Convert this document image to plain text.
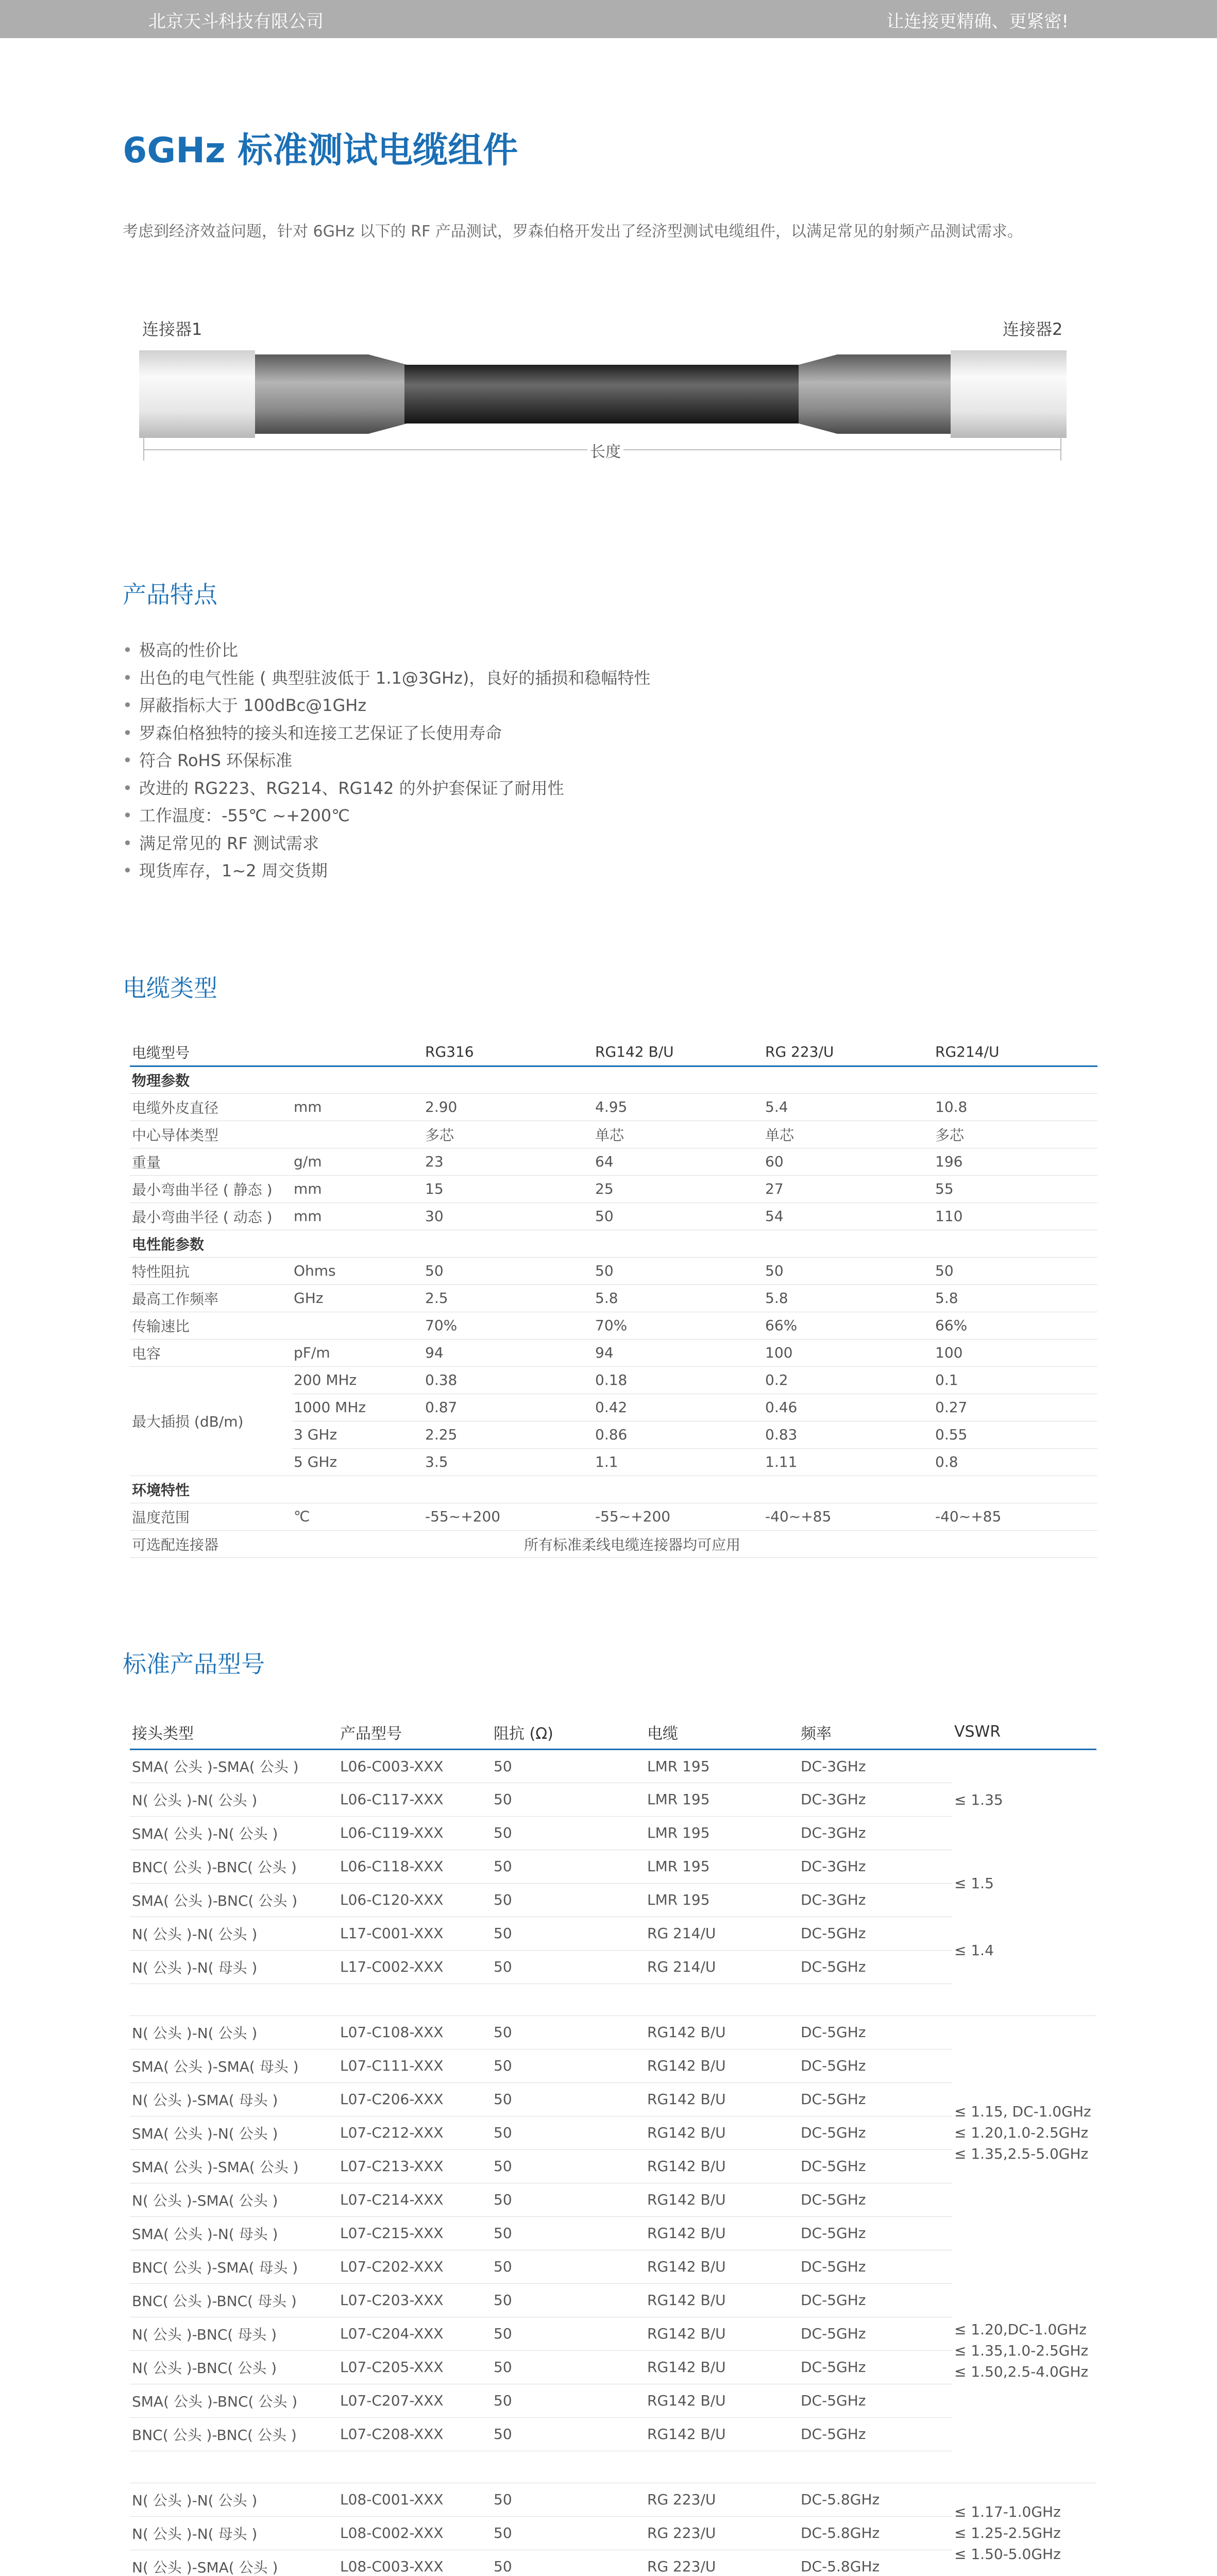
北京天斗科技有限公司	让连接更精确、更紧密!
6GHz 标准测试电缆组件

考虑到经济效益问题，针对 6GHz 以下的 RF 产品测试，罗森伯格开发出了经济型测试电缆组件，以满足常见的射频产品测试需求。

连接器1	连接器2
长度
产品特点
• 极高的性价比
• 出色的电气性能 ( 典型驻波低于 1.1@3GHz)，良好的插损和稳幅特性
• 屏蔽指标大于 100dBc@1GHz
• 罗森伯格独特的接头和连接工艺保证了长使用寿命
• 符合 RoHS 环保标准
• 改进的 RG223、RG214、RG142 的外护套保证了耐用性
• 工作温度：-55℃ ~+200℃
• 满足常见的 RF 测试需求
• 现货库存，1~2 周交货期
电缆类型
电缆型号		RG316	RG142 B/U	RG 223/U	RG214/U
物理参数					
电缆外皮直径	mm	2.90	4.95	5.4	10.8
中心导体类型		多芯	单芯	单芯	多芯
重量	g/m	23	64	60	196
最小弯曲半径 ( 静态 )	mm	15	25	27	55
最小弯曲半径 ( 动态 )	mm	30	50	54	110
电性能参数					
特性阻抗	Ohms	50	50	50	50
最高工作频率	GHz	2.5	5.8	5.8	5.8
传输速比		70%	70%	66%	66%
电容	pF/m	94	94	100	100
最大插损 (dB/m)	200 MHz	0.38	0.18	0.2	0.1
	1000 MHz	0.87	0.42	0.46	0.27
	3 GHz	2.25	0.86	0.83	0.55
	5 GHz	3.5	1.1	1.11	0.8
环境特性					
温度范围	℃	-55~+200	-55~+200	-40~+85	-40~+85
可选配连接器		所有标准柔线电缆连接器均可应用			
标准产品型号
接头类型	产品型号	阻抗 (Ω)	电缆	频率	VSWR
SMA( 公头 )-SMA( 公头 )	L06-C003-XXX	50	LMR 195	DC-3GHz	≤ 1.35

N( 公头 )-N( 公头 )	L06-C117-XXX	50	LMR 195	DC-3GHz	
SMA( 公头 )-N( 公头 )	L06-C119-XXX	50	LMR 195	DC-3GHz	
BNC( 公头 )-BNC( 公头 )	L06-C118-XXX	50	LMR 195	DC-3GHz	≤ 1.5

SMA( 公头 )-BNC( 公头 )	L06-C120-XXX	50	LMR 195	DC-3GHz	
N( 公头 )-N( 公头 )	L17-C001-XXX	50	RG 214/U	DC-5GHz	≤ 1.4

N( 公头 )-N( 母头 )	L17-C002-XXX	50	RG 214/U	DC-5GHz	

N( 公头 )-N( 公头 )	L07-C108-XXX	50	RG142 B/U	DC-5GHz	≤ 1.15, DC-1.0GHz
≤ 1.20,1.0-2.5GHz
≤ 1.35,2.5-5.0GHz

SMA( 公头 )-SMA( 母头 )	L07-C111-XXX	50	RG142 B/U	DC-5GHz	
N( 公头 )-SMA( 母头 )	L07-C206-XXX	50	RG142 B/U	DC-5GHz	
SMA( 公头 )-N( 公头 )	L07-C212-XXX	50	RG142 B/U	DC-5GHz	
SMA( 公头 )-SMA( 公头 )	L07-C213-XXX	50	RG142 B/U	DC-5GHz	
N( 公头 )-SMA( 公头 )	L07-C214-XXX	50	RG142 B/U	DC-5GHz	
SMA( 公头 )-N( 母头 )	L07-C215-XXX	50	RG142 B/U	DC-5GHz	
BNC( 公头 )-SMA( 母头 )	L07-C202-XXX	50	RG142 B/U	DC-5GHz	≤ 1.20,DC-1.0GHz
≤ 1.35,1.0-2.5GHz
≤ 1.50,2.5-4.0GHz

BNC( 公头 )-BNC( 母头 )	L07-C203-XXX	50	RG142 B/U	DC-5GHz	
N( 公头 )-BNC( 母头 )	L07-C204-XXX	50	RG142 B/U	DC-5GHz	
N( 公头 )-BNC( 公头 )	L07-C205-XXX	50	RG142 B/U	DC-5GHz	
SMA( 公头 )-BNC( 公头 )	L07-C207-XXX	50	RG142 B/U	DC-5GHz	
BNC( 公头 )-BNC( 公头 )	L07-C208-XXX	50	RG142 B/U	DC-5GHz	

N( 公头 )-N( 公头 )	L08-C001-XXX	50	RG 223/U	DC-5.8GHz	≤ 1.17-1.0GHz
≤ 1.25-2.5GHz
≤ 1.50-5.0GHz

N( 公头 )-N( 母头 )	L08-C002-XXX	50	RG 223/U	DC-5.8GHz	
N( 公头 )-SMA( 公头 )	L08-C003-XXX	50	RG 223/U	DC-5.8GHz	
